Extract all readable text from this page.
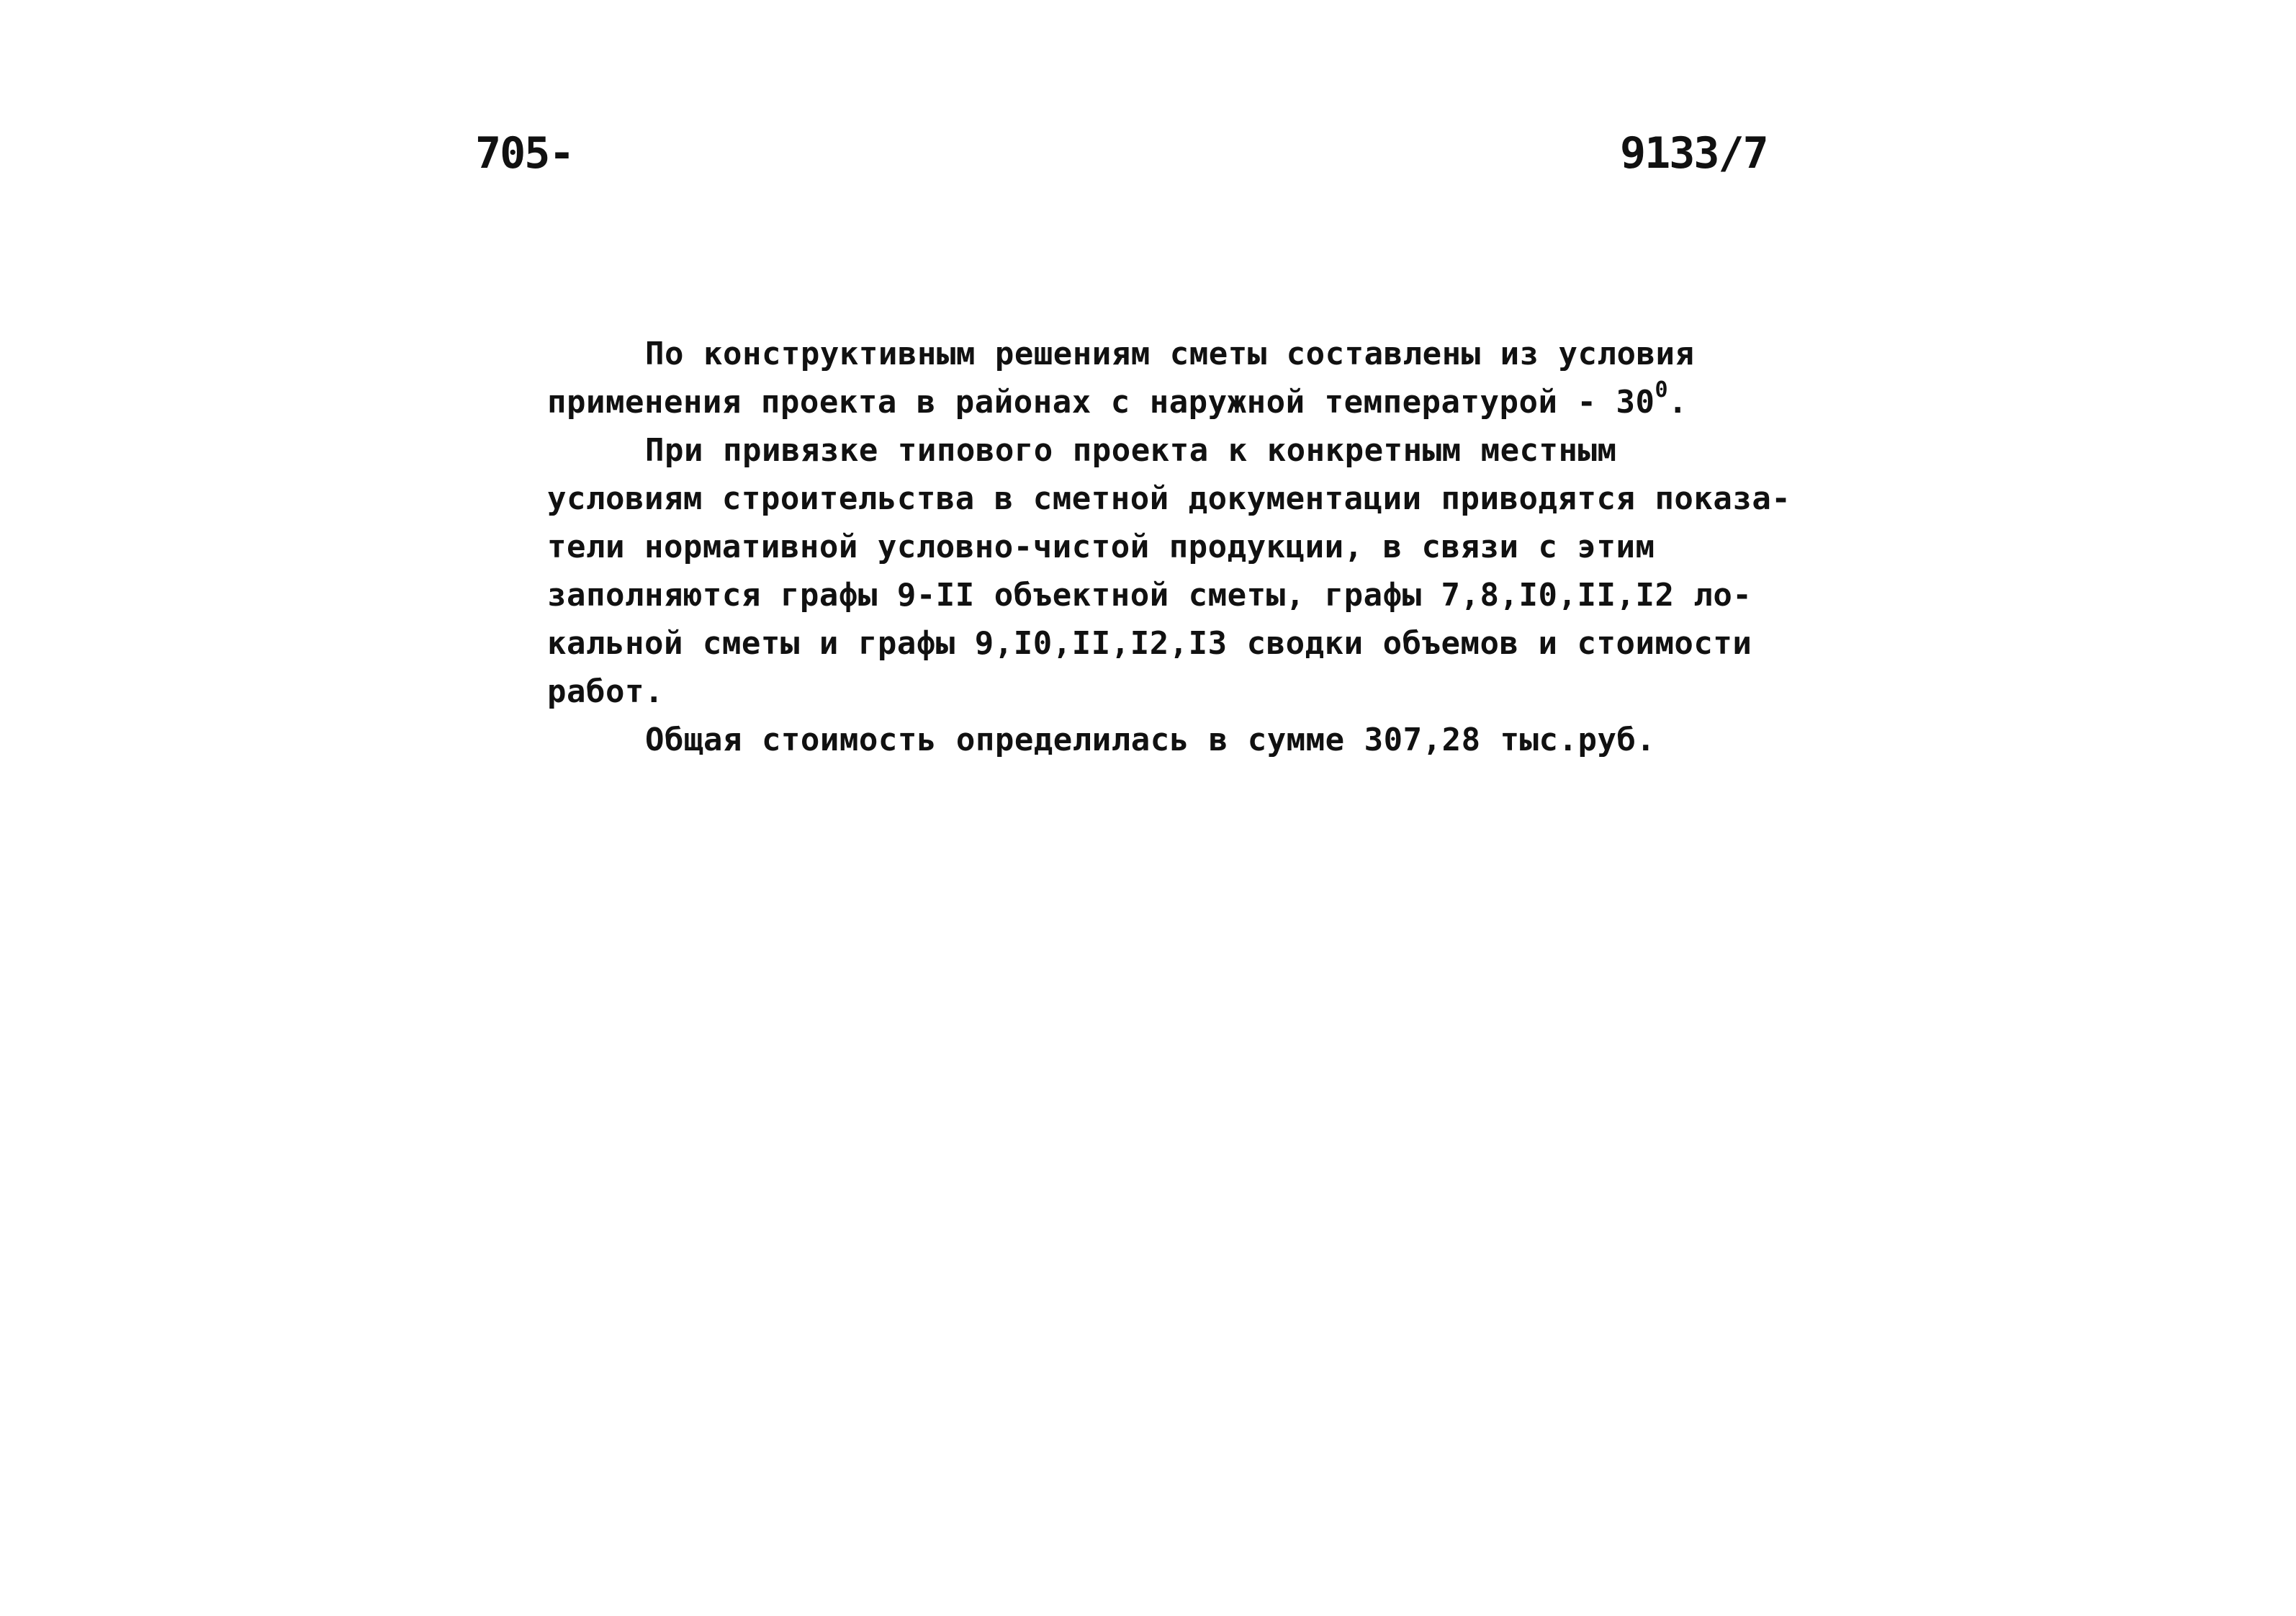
705-	9133/7
По конструктивным решениям сметы составлены из условия
применения проекта в районах с наружной температурой - $30^0$.
При привязке типового проекта к конкретным местным
условиям строительства в сметной документации приводятся показа-
тели нормативной условно-чистой продукции, в связи с этим
заполняются графы 9-II объектной сметы, графы 7,8,I0,II,I2 ло-
кальной сметы и графы 9,I0,II,I2,I3 сводки объемов и стоимости
работ.
Общая стоимость определилась в сумме 307,28 тыс.руб.
